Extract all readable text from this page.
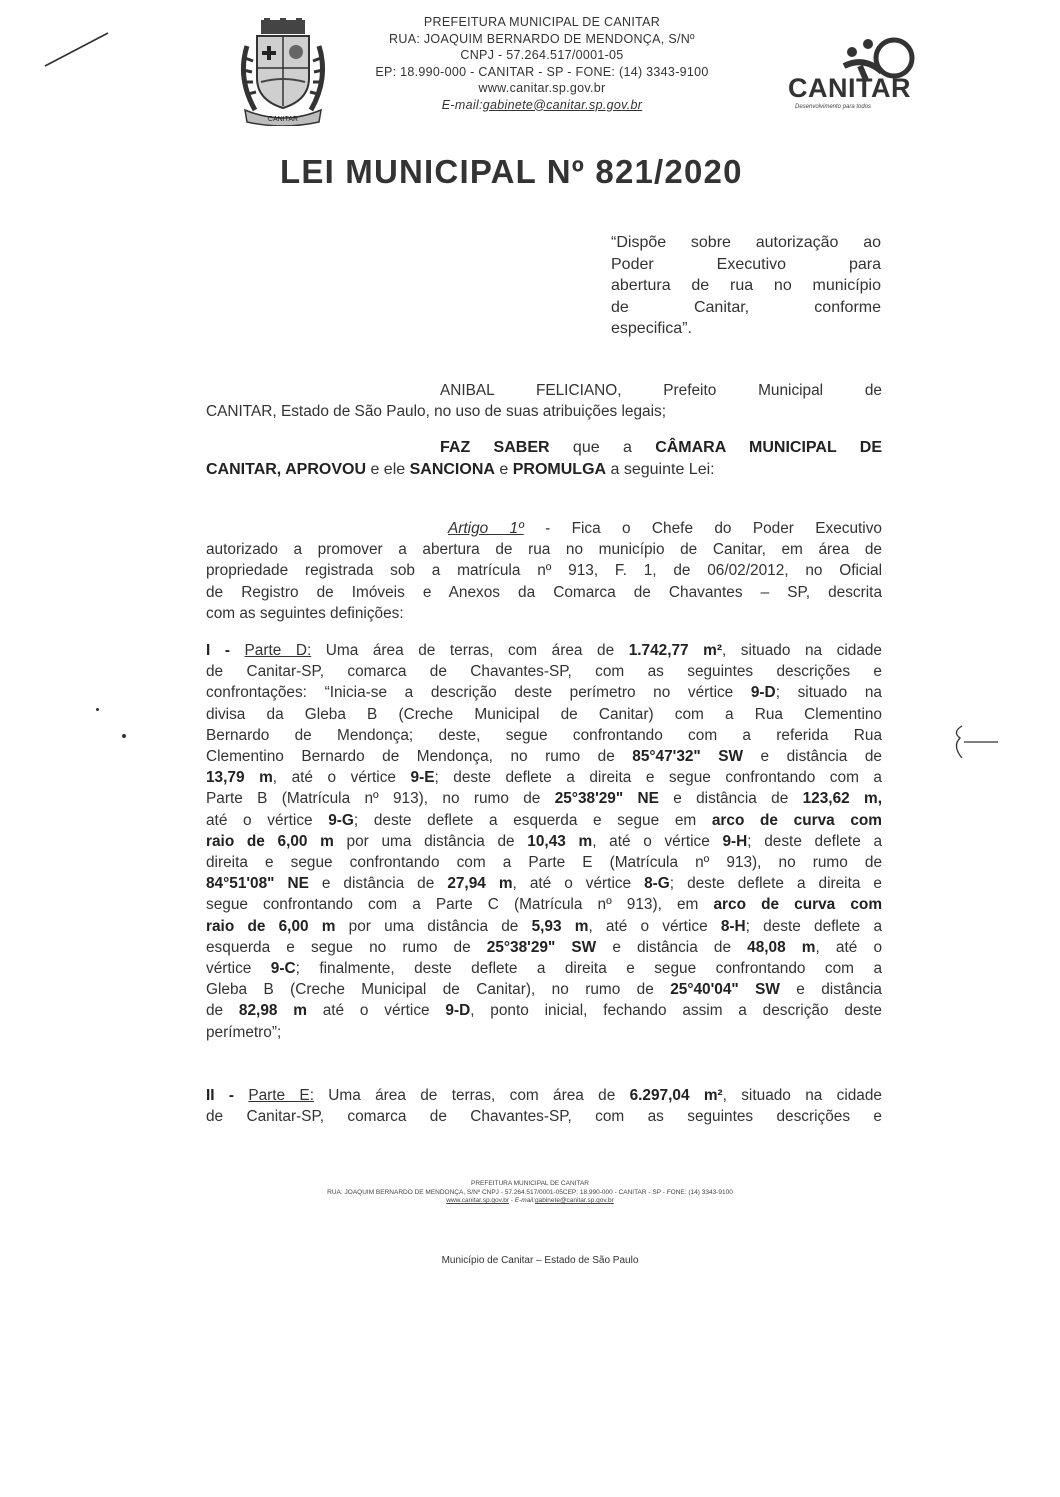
CANITAR
PREFEITURA MUNICIPAL DE CANITAR
RUA: JOAQUIM BERNARDO DE MENDONÇA, S/Nº
CNPJ - 57.264.517/0001-05
EP: 18.990-000 - CANITAR - SP - FONE: (14) 3343-9100
www.canitar.sp.gov.br
E-mail:gabinete@canitar.sp.gov.br
CANITAR
Desenvolvimento para todos
LEI MUNICIPAL Nº 821/2020
“Dispõe sobre autorização ao
Poder Executivo para
abertura de rua no município
de Canitar, conforme
especifica”.
ANIBAL FELICIANO, Prefeito Municipal de
CANITAR, Estado de São Paulo, no uso de suas atribuições legais;
FAZ SABER que a CÂMARA MUNICIPAL DE
CANITAR, APROVOU e ele SANCIONA e PROMULGA a seguinte Lei:
Artigo 1º - Fica o Chefe do Poder Executivo
autorizado a promover a abertura de rua no município de Canitar, em área de
propriedade registrada sob a matrícula nº 913, F. 1, de 06/02/2012, no Oficial
de Registro de Imóveis e Anexos da Comarca de Chavantes – SP, descrita
com as seguintes definições:
I - Parte D: Uma área de terras, com área de 1.742,77 m², situado na cidade
de Canitar-SP, comarca de Chavantes-SP, com as seguintes descrições e
confrontações: “Inicia-se a descrição deste perímetro no vértice 9-D; situado na
divisa da Gleba B (Creche Municipal de Canitar) com a Rua Clementino
Bernardo de Mendonça; deste, segue confrontando com a referida Rua
Clementino Bernardo de Mendonça, no rumo de 85°47'32" SW e distância de
13,79 m, até o vértice 9-E; deste deflete a direita e segue confrontando com a
Parte B (Matrícula nº 913), no rumo de 25°38'29" NE e distância de 123,62 m,
até o vértice 9-G; deste deflete a esquerda e segue em arco de curva com
raio de 6,00 m por uma distância de 10,43 m, até o vértice 9-H; deste deflete a
direita e segue confrontando com a Parte E (Matrícula nº 913), no rumo de
84°51'08" NE e distância de 27,94 m, até o vértice 8-G; deste deflete a direita e
segue confrontando com a Parte C (Matrícula nº 913), em arco de curva com
raio de 6,00 m por uma distância de 5,93 m, até o vértice 8-H; deste deflete a
esquerda e segue no rumo de 25°38'29" SW e distância de 48,08 m, até o
vértice 9-C; finalmente, deste deflete a direita e segue confrontando com a
Gleba B (Creche Municipal de Canitar), no rumo de 25°40'04" SW e distância
de 82,98 m até o vértice 9-D, ponto inicial, fechando assim a descrição deste
perímetro”;
II - Parte E: Uma área de terras, com área de 6.297,04 m², situado na cidade
de Canitar-SP, comarca de Chavantes-SP, com as seguintes descrições e
PREFEITURA MUNICIPAL DE CANITAR
RUA: JOAQUIM BERNARDO DE MENDONÇA, S/Nº CNPJ - 57.264.517/0001-05CEP: 18.990-000 - CANITAR - SP - FONE: (14) 3343-9100
www.canitar.sp.gov.br - E-mail:gabinete@canitar.sp.gov.br
Município de Canitar – Estado de São Paulo
